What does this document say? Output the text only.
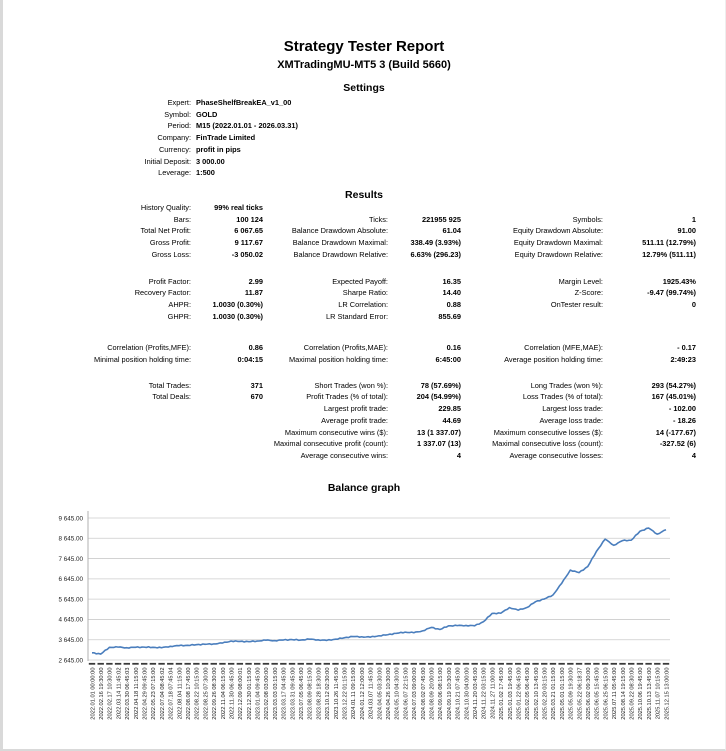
Strategy Tester Report
XMTradingMU-MT5 3 (Build 5660)
Settings
Expert:	PhaseShelfBreakEA_v1_00
Symbol:	GOLD
Period:	M15 (2022.01.01 - 2026.03.31)
Company:	FinTrade Limited
Currency:	profit in pips
Initial Deposit:	3 000.00
Leverage:	1:500
Results
History Quality:	99% real ticks				
Bars:	100 124	Ticks:	221955 925	Symbols:	1
Total Net Profit:	6 067.65	Balance Drawdown Absolute:	61.04	Equity Drawdown Absolute:	91.00
Gross Profit:	9 117.67	Balance Drawdown Maximal:	338.49 (3.93%)	Equity Drawdown Maximal:	511.11 (12.79%)
Gross Loss:	-3 050.02	Balance Drawdown Relative:	6.63% (296.23)	Equity Drawdown Relative:	12.79% (511.11)

Profit Factor:	2.99	Expected Payoff:	16.35	Margin Level:	1925.43%
Recovery Factor:	11.87	Sharpe Ratio:	14.40	Z-Score:	-9.47 (99.74%)
AHPR:	1.0030 (0.30%)	LR Correlation:	0.88	OnTester result:	0
GHPR:	1.0030 (0.30%)	LR Standard Error:	855.69		

Correlation (Profits,MFE):	0.86	Correlation (Profits,MAE):	0.16	Correlation (MFE,MAE):	- 0.17
Minimal position holding time:	0:04:15	Maximal position holding time:	6:45:00	Average position holding time:	2:49:23

Total Trades:	371	Short Trades (won %):	78 (57.69%)	Long Trades (won %):	293 (54.27%)
Total Deals:	670	Profit Trades (% of total):	204 (54.99%)	Loss Trades (% of total):	167 (45.01%)
		Largest profit trade:	229.85	Largest loss trade:	- 102.00
		Average profit trade:	44.69	Average loss trade:	- 18.26
		Maximum consecutive wins ($):	13 (1 337.07)	Maximum consecutive losses ($):	14 (-177.67)
		Maximal consecutive profit (count):	1 337.07 (13)	Maximal consecutive loss (count):	-327.52 (6)
		Average consecutive wins:	4	Average consecutive losses:	4
Balance graph
9 645.00
8 645.00
7 645.00
6 645.00
5 645.00
4 645.00
3 645.00
2 645.00
2022.01.01 00:00:00 2022.02.16 19:30:00 2022.02.17 10:30:00 2022.03.14 11:45:02 2022.03.30 06:45:03 2022.04.18 11:15:00 2022.04.29 09:45:00 2022.05.23 07:15:00 2022.07.04 08:45:02 2022.07.18 07:45:04 2022.08.04 11:15:00 2022.08.08 17:45:00 2022.08.22 10:15:00 2022.08.25 07:30:00 2022.09.26 08:30:00 2022.11.04 06:15:00 2022.11.30 06:45:00 2022.12.09 08:00:01 2022.12.30 01:15:00 2023.01.04 09:45:00 2023.02.08 03:00:00 2023.03.03 03:15:00 2023.03.17 04:45:00 2023.03.31 09:45:00 2023.07.05 06:45:00 2023.08.09 08:15:00 2023.08.28 18:30:00 2023.10.12 02:30:00 2023.10.26 11:45:00 2023.12.22 01:15:00 2024.01.11 09:15:00 2024.01.12 12:00:00 2024.03.07 11:45:00 2024.04.05 03:30:00 2024.04.26 10:30:00 2024.05.10 04:30:00 2024.06.07 22:15:00 2024.07.03 09:00:00 2024.08.02 07:45:00 2024.08.09 20:00:00 2024.09.06 08:15:00 2024.09.19 10:30:00 2024.10.21 07:45:00 2024.10.30 04:00:00 2024.11.20 03:45:00 2024.11.22 03:15:00 2024.11.27 11:00:00 2025.01.02 17:45:00 2025.01.03 19:45:00 2025.01.22 06:45:00 2025.02.05 06:45:00 2025.02.10 13:45:00 2025.02.20 03:15:00 2025.03.21 01:15:00 2025.05.01 01:15:00 2025.05.09 19:30:00 2025.05.22 06:18:37 2025.06.02 09:30:00 2025.06.05 15:45:00 2025.06.25 06:15:00 2025.07.11 05:45:00 2025.08.14 19:15:00 2025.09.22 08:30:00 2025.10.06 19:45:00 2025.10.13 13:45:00 2025.11.07 10:15:00 2025.12.15 13:00:00
